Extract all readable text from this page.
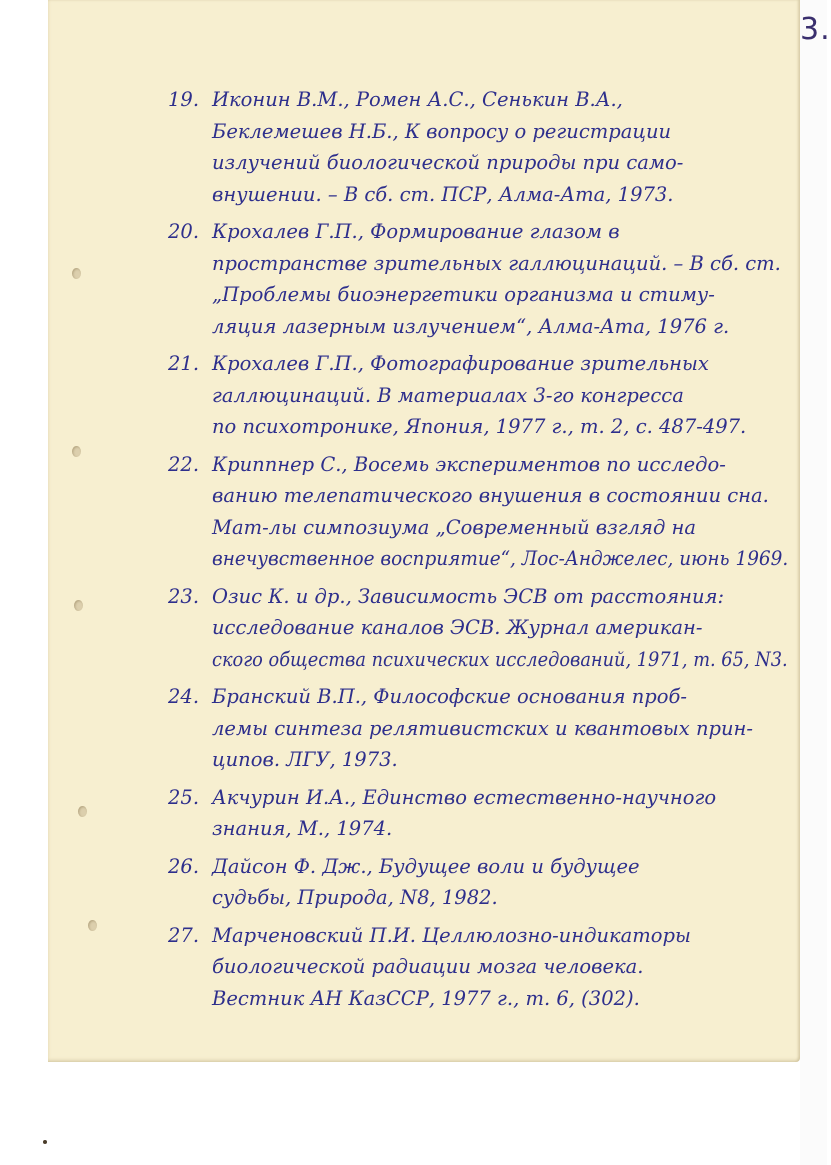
3.
19. Иконин В.М., Ромен А.С., Сенькин В.А.,
Беклемешев Н.Б., К вопросу о регистрации
излучений биологической природы при само-
внушении. – В сб. ст. ПСР, Алма-Ата, 1973.
20. Крохалев Г.П., Формирование глазом в
пространстве зрительных галлюцинаций. – В сб. ст.
„Проблемы биоэнергетики организма и стиму-
ляция лазерным излучением“, Алма-Ата, 1976 г.
21. Крохалев Г.П., Фотографирование зрительных
галлюцинаций. В материалах 3-го конгресса
по психотронике, Япония, 1977 г., т. 2, с. 487-497.
22. Криппнер С., Восемь экспериментов по исследо-
ванию телепатического внушения в состоянии сна.
Мат-лы симпозиума „Современный взгляд на
внечувственное восприятие“, Лос-Анджелес, июнь 1969.
23. Озис К. и др., Зависимость ЭСВ от расстояния:
исследование каналов ЭСВ. Журнал американ-
ского общества психических исследований, 1971, т. 65, N3.
24. Бранский В.П., Философские основания проб-
лемы синтеза релятивистских и квантовых прин-
ципов. ЛГУ, 1973.
25. Акчурин И.А., Единство естественно-научного
знания, М., 1974.
26. Дайсон Ф. Дж., Будущее воли и будущее
судьбы, Природа, N8, 1982.
27. Марченовский П.И. Целлюлозно-индикаторы
биологической радиации мозга человека.
Вестник АН КазССР, 1977 г., т. 6, (302).
